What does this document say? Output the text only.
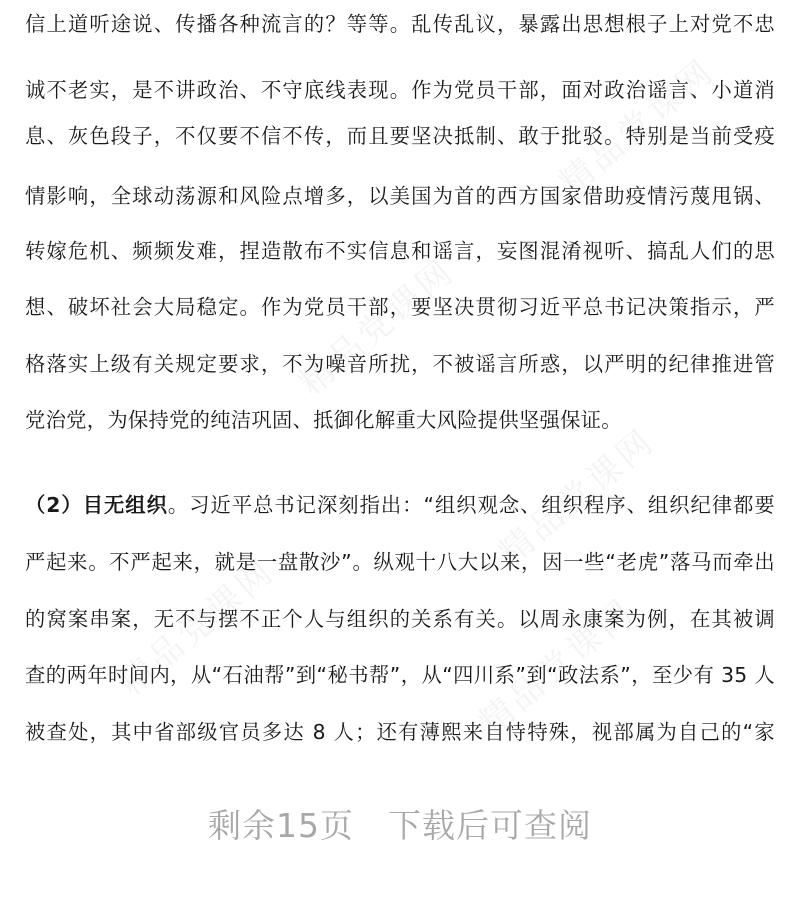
信上道听途说、传播各种流言的？等等。乱传乱议，暴露出思想根子上对党不忠
诚不老实，是不讲政治、不守底线表现。作为党员干部，面对政治谣言、小道消
息、灰色段子，不仅要不信不传，而且要坚决抵制、敢于批驳。特别是当前受疫
情影响，全球动荡源和风险点增多，以美国为首的西方国家借助疫情污蔑甩锅、
转嫁危机、频频发难，捏造散布不实信息和谣言，妄图混淆视听、搞乱人们的思
想、破坏社会大局稳定。作为党员干部，要坚决贯彻习近平总书记决策指示，严
格落实上级有关规定要求，不为噪音所扰，不被谣言所惑，以严明的纪律推进管
党治党，为保持党的纯洁巩固、抵御化解重大风险提供坚强保证。
（2）目无组织。习近平总书记深刻指出：“组织观念、组织程序、组织纪律都要
严起来。不严起来，就是一盘散沙”。纵观十八大以来，因一些“老虎”落马而牵出
的窝案串案，无不与摆不正个人与组织的关系有关。以周永康案为例，在其被调
查的两年时间内，从“石油帮”到“秘书帮”，从“四川系”到“政法系”，至少有 35 人
被查处，其中省部级官员多达 8 人；还有薄熙来自恃特殊，视部属为自己的“家
剩余15页 下载后可查阅
